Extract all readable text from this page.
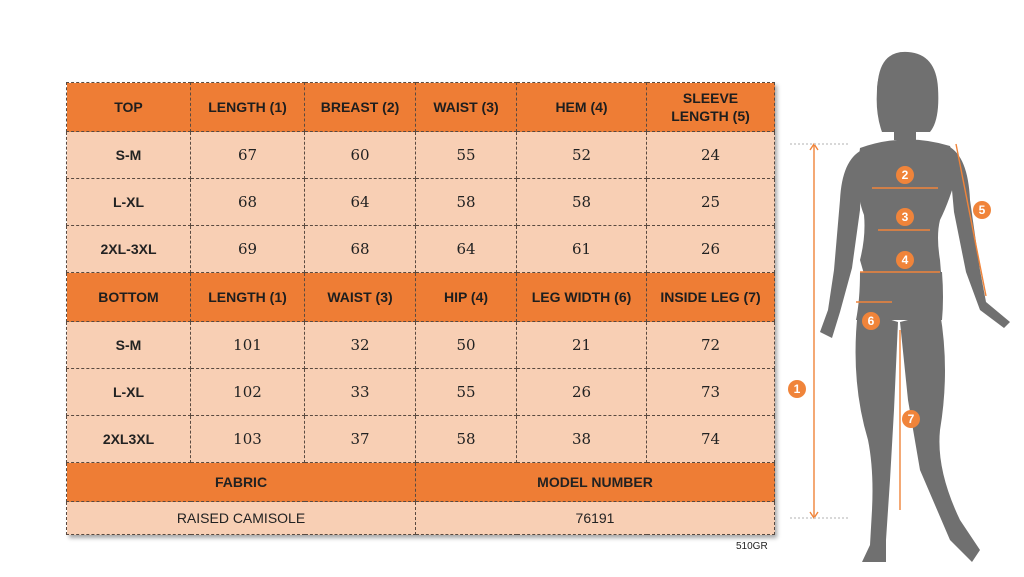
TOP	LENGTH (1)	BREAST (2)	WAIST (3)	HEM (4)	SLEEVE LENGTH (5)
S-M	67	60	55	52	24
L-XL	68	64	58	58	25
2XL-3XL	69	68	64	61	26
BOTTOM	LENGTH (1)	WAIST (3)	HIP (4)	LEG WIDTH (6)	INSIDE LEG (7)
S-M	101	32	50	21	72
L-XL	102	33	55	26	73
2XL3XL	103	37	58	38	74
FABRIC			MODEL NUMBER		
RAISED CAMISOLE			76191		
510GR
1
2
3
4
5
6
7
